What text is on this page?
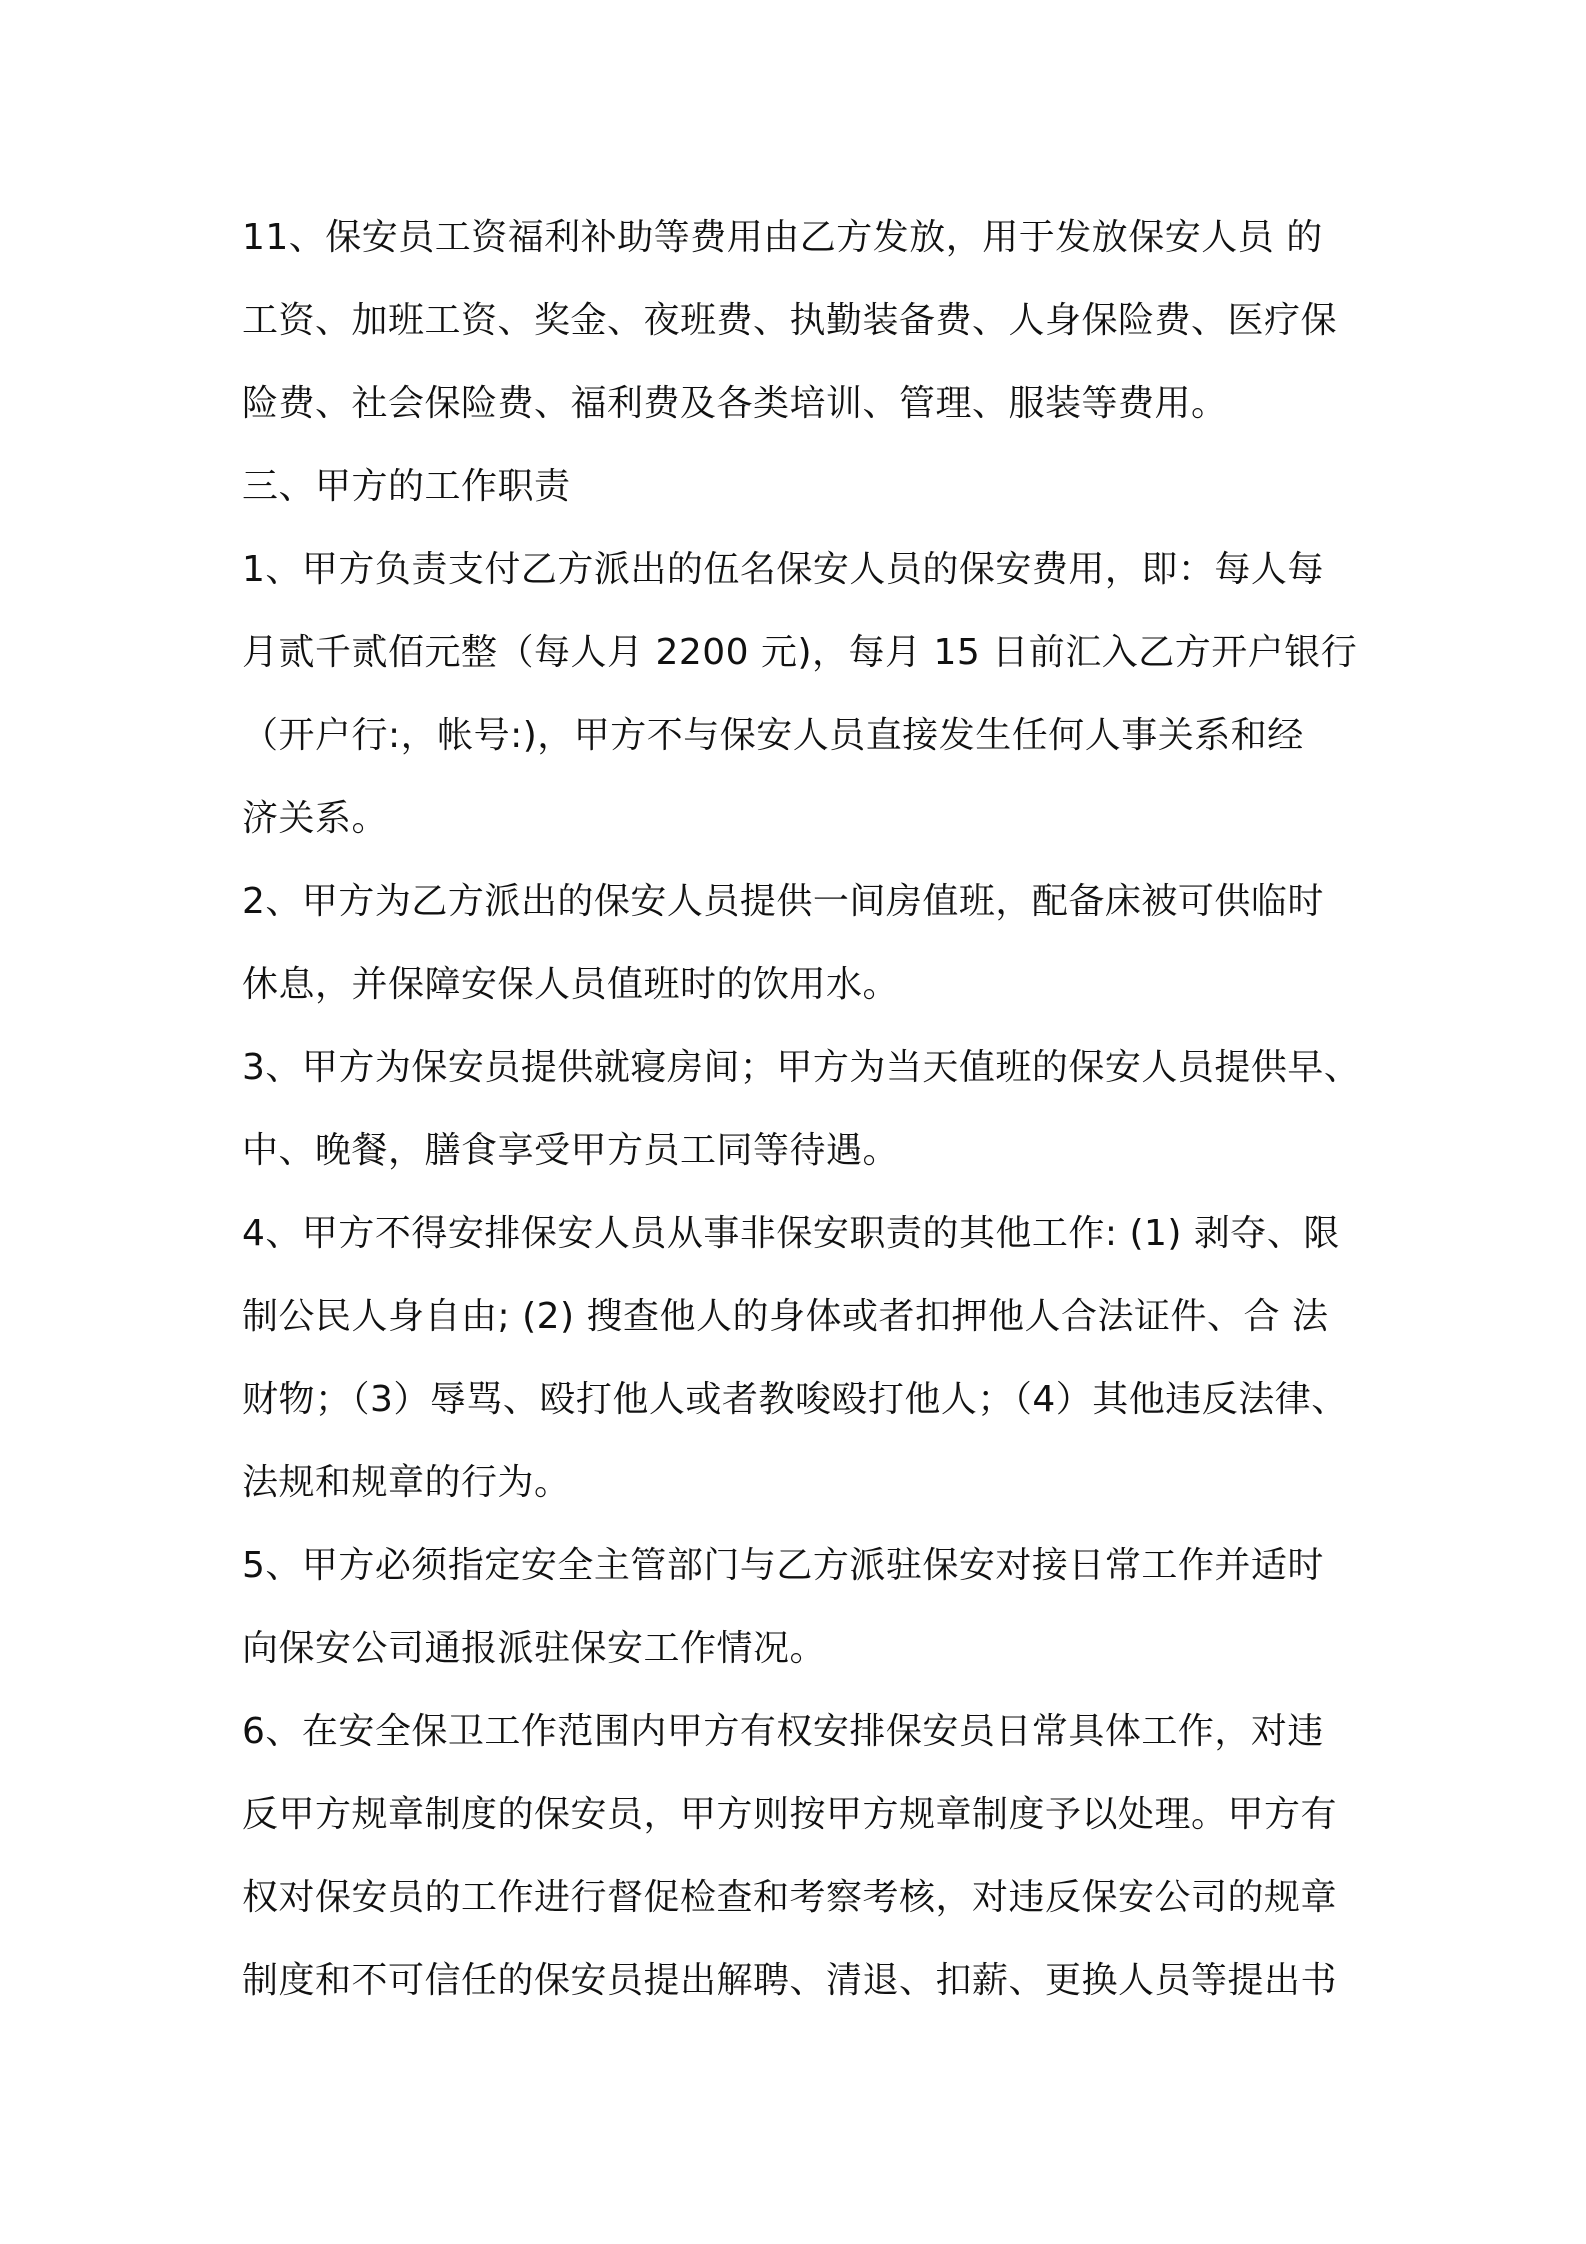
11、保安员工资福利补助等费用由乙方发放，用于发放保安人员 的
工资、加班工资、奖金、夜班费、执勤装备费、人身保险费、医疗保
险费、社会保险费、福利费及各类培训、管理、服装等费用。
三、甲方的工作职责
1、甲方负责支付乙方派出的伍名保安人员的保安费用，即：每人每
月贰千贰佰元整（每人月 2200 元)，每月 15 日前汇入乙方开户银行
（开户行:，帐号:)，甲方不与保安人员直接发生任何人事关系和经
济关系。
2、甲方为乙方派出的保安人员提供一间房值班，配备床被可供临时
休息，并保障安保人员值班时的饮用水。
3、甲方为保安员提供就寝房间；甲方为当天值班的保安人员提供早、
中、晚餐，膳食享受甲方员工同等待遇。
4、甲方不得安排保安人员从事非保安职责的其他工作: (1) 剥夺、限
制公民人身自由; (2) 搜查他人的身体或者扣押他人合法证件、合 法
财物；（3）辱骂、殴打他人或者教唆殴打他人；（4）其他违反法律、
法规和规章的行为。
5、甲方必须指定安全主管部门与乙方派驻保安对接日常工作并适时
向保安公司通报派驻保安工作情况。
6、在安全保卫工作范围内甲方有权安排保安员日常具体工作，对违
反甲方规章制度的保安员，甲方则按甲方规章制度予以处理。甲方有
权对保安员的工作进行督促检查和考察考核，对违反保安公司的规章
制度和不可信任的保安员提出解聘、清退、扣薪、更换人员等提出书
